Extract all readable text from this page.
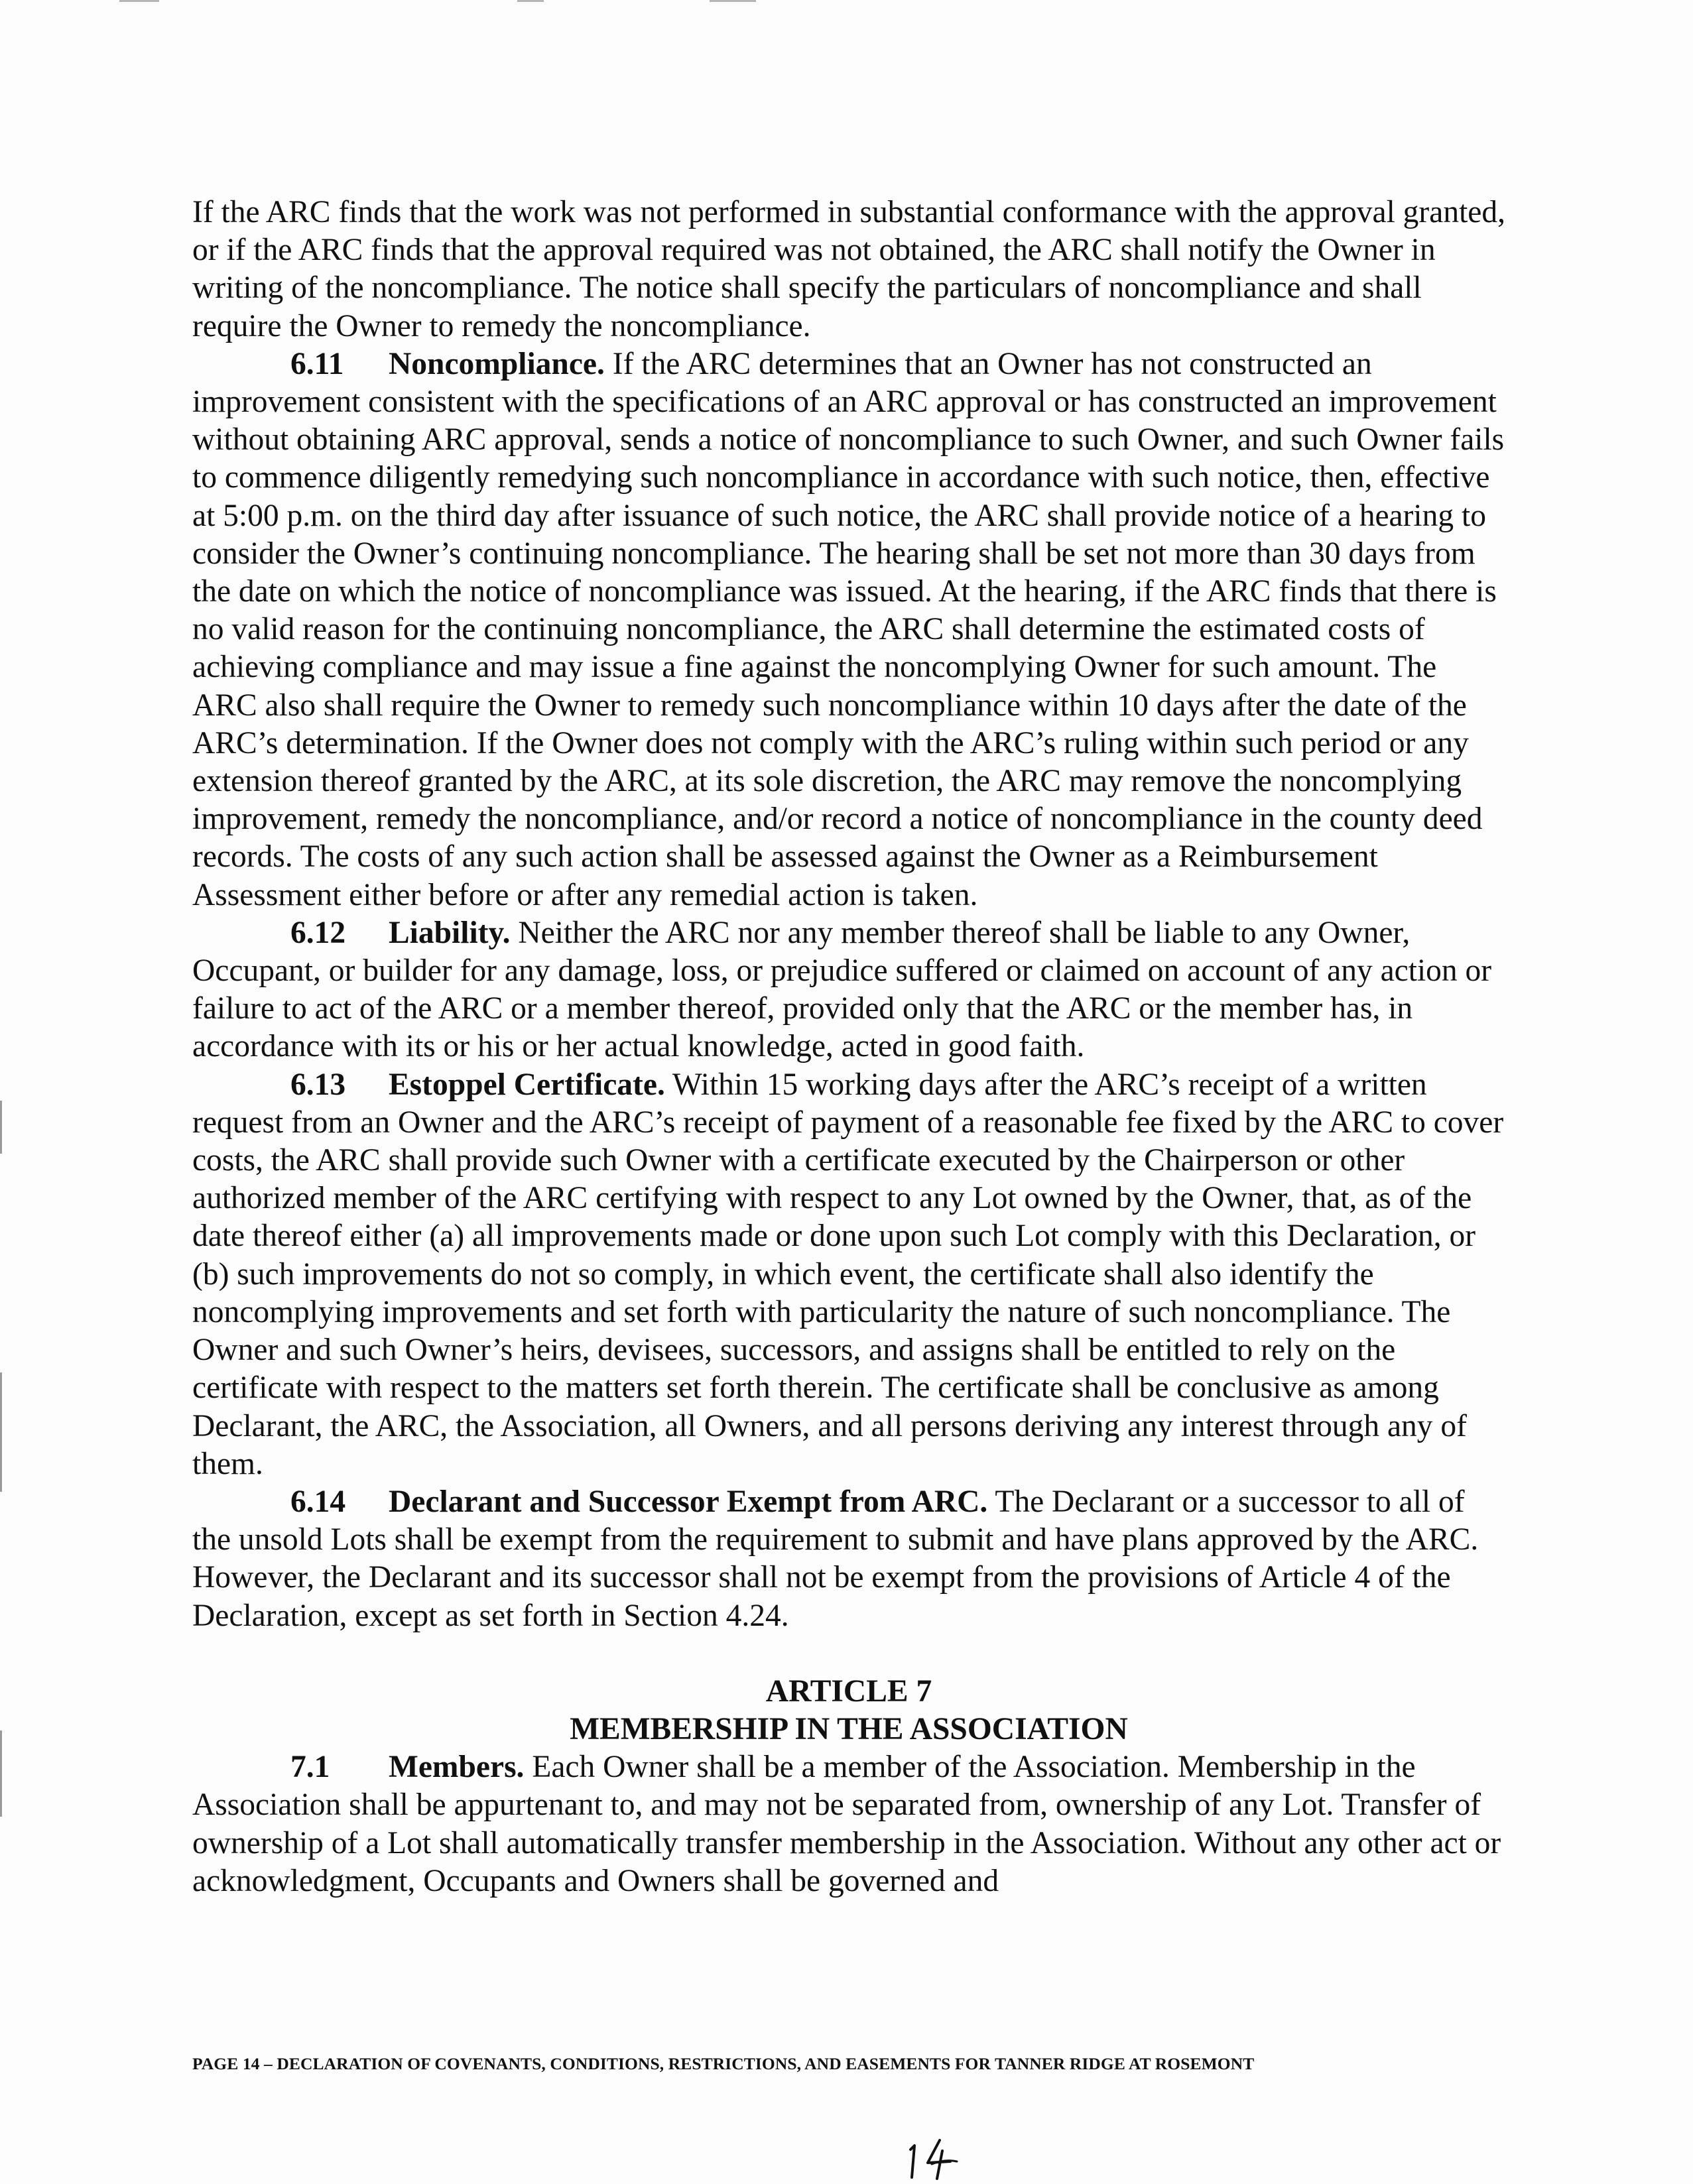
If the ARC finds that the work was not performed in substantial conformance with the approval granted, or if the ARC finds that the approval required was not obtained, the ARC shall notify the Owner in writing of the noncompliance. The notice shall specify the particulars of noncompliance and shall require the Owner to remedy the noncompliance.

6.11 Noncompliance. If the ARC determines that an Owner has not constructed an improvement consistent with the specifications of an ARC approval or has constructed an improvement without obtaining ARC approval, sends a notice of noncompliance to such Owner, and such Owner fails to commence diligently remedying such noncompliance in accordance with such notice, then, effective at 5:00 p.m. on the third day after issuance of such notice, the ARC shall provide notice of a hearing to consider the Owner’s continuing noncompliance. The hearing shall be set not more than 30 days from the date on which the notice of noncompliance was issued. At the hearing, if the ARC finds that there is no valid reason for the continuing noncompliance, the ARC shall determine the estimated costs of achieving compliance and may issue a fine against the noncomplying Owner for such amount. The ARC also shall require the Owner to remedy such noncompliance within 10 days after the date of the ARC’s determination. If the Owner does not comply with the ARC’s ruling within such period or any extension thereof granted by the ARC, at its sole discretion, the ARC may remove the noncomplying improvement, remedy the noncompliance, and/or record a notice of noncompliance in the county deed records. The costs of any such action shall be assessed against the Owner as a Reimbursement Assessment either before or after any remedial action is taken.

6.12 Liability. Neither the ARC nor any member thereof shall be liable to any Owner, Occupant, or builder for any damage, loss, or prejudice suffered or claimed on account of any action or failure to act of the ARC or a member thereof, provided only that the ARC or the member has, in accordance with its or his or her actual knowledge, acted in good faith.

6.13 Estoppel Certificate. Within 15 working days after the ARC’s receipt of a written request from an Owner and the ARC’s receipt of payment of a reasonable fee fixed by the ARC to cover costs, the ARC shall provide such Owner with a certificate executed by the Chairperson or other authorized member of the ARC certifying with respect to any Lot owned by the Owner, that, as of the date thereof either (a) all improvements made or done upon such Lot comply with this Declaration, or (b) such improvements do not so comply, in which event, the certificate shall also identify the noncomplying improvements and set forth with particularity the nature of such noncompliance. The Owner and such Owner’s heirs, devisees, successors, and assigns shall be entitled to rely on the certificate with respect to the matters set forth therein. The certificate shall be conclusive as among Declarant, the ARC, the Association, all Owners, and all persons deriving any interest through any of them.

6.14 Declarant and Successor Exempt from ARC. The Declarant or a successor to all of the unsold Lots shall be exempt from the requirement to submit and have plans approved by the ARC. However, the Declarant and its successor shall not be exempt from the provisions of Article 4 of the Declaration, except as set forth in Section 4.24.

ARTICLE 7
MEMBERSHIP IN THE ASSOCIATION

7.1 Members. Each Owner shall be a member of the Association. Membership in the Association shall be appurtenant to, and may not be separated from, ownership of any Lot. Transfer of ownership of a Lot shall automatically transfer membership in the Association. Without any other act or acknowledgment, Occupants and Owners shall be governed and

PAGE 14 – DECLARATION OF COVENANTS, CONDITIONS, RESTRICTIONS, AND EASEMENTS FOR TANNER RIDGE AT ROSEMONT
